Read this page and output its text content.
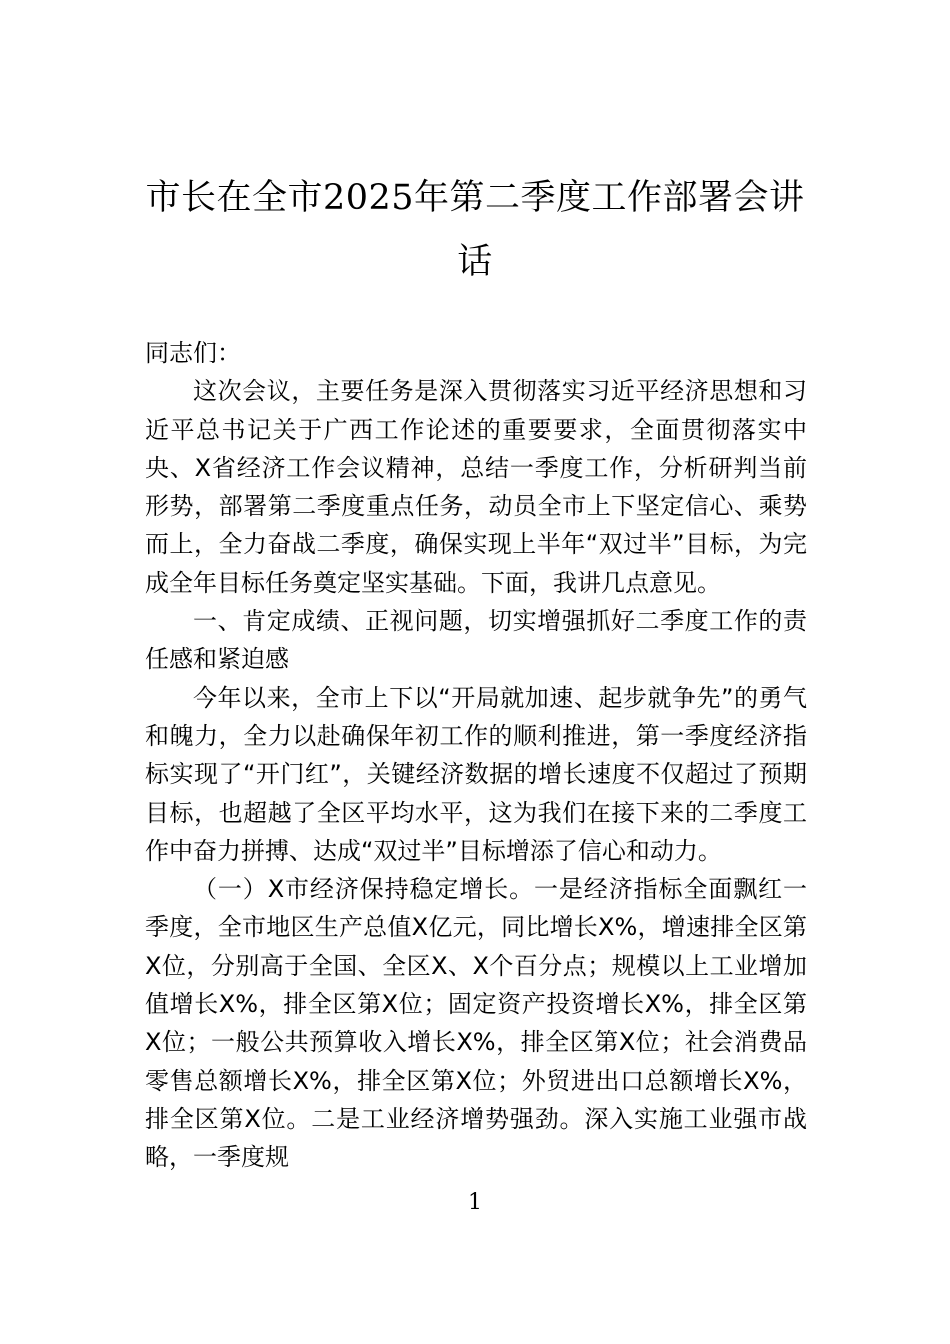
市长在全市2025年第二季度工作部署会讲话

同志们：

这次会议，主要任务是深入贯彻落实习近平经济思想和习近平总书记关于广西工作论述的重要要求，全面贯彻落实中央、X省经济工作会议精神，总结一季度工作，分析研判当前形势，部署第二季度重点任务，动员全市上下坚定信心、乘势而上，全力奋战二季度，确保实现上半年“双过半”目标，为完成全年目标任务奠定坚实基础。下面，我讲几点意见。

一、肯定成绩、正视问题，切实增强抓好二季度工作的责任感和紧迫感

今年以来，全市上下以“开局就加速、起步就争先”的勇气和魄力，全力以赴确保年初工作的顺利推进，第一季度经济指标实现了“开门红”，关键经济数据的增长速度不仅超过了预期目标，也超越了全区平均水平，这为我们在接下来的二季度工作中奋力拼搏、达成“双过半”目标增添了信心和动力。

（一）X市经济保持稳定增长。一是经济指标全面飘红一季度，全市地区生产总值X亿元，同比增长X%，增速排全区第X位，分别高于全国、全区X、X个百分点；规模以上工业增加值增长X%，排全区第X位；固定资产投资增长X%，排全区第X位；一般公共预算收入增长X%，排全区第X位；社会消费品零售总额增长X%，排全区第X位；外贸进出口总额增长X%，排全区第X位。二是工业经济增势强劲。深入实施工业强市战略，一季度规

1
